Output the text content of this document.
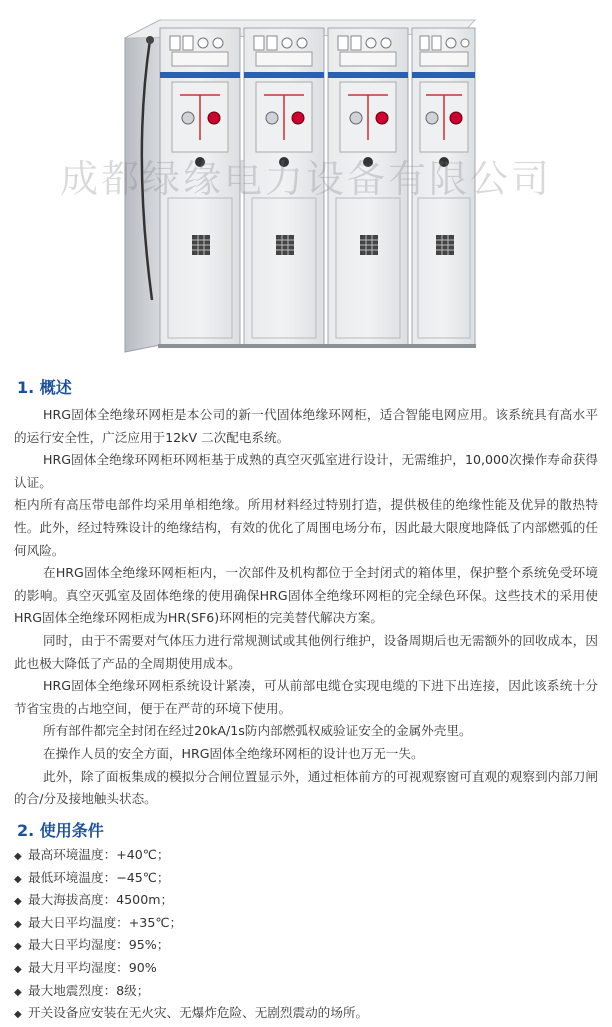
成都绿缘电力设备有限公司
1. 概述

HRG固体全绝缘环网柜是本公司的新一代固体绝缘环网柜，适合智能电网应用。该系统具有高水平的运行安全性，广泛应用于12kV 二次配电系统。

HRG固体全绝缘环网柜环网柜基于成熟的真空灭弧室进行设计，无需维护，10,000次操作寿命获得认证。

柜内所有高压带电部件均采用单相绝缘。所用材料经过特别打造，提供极佳的绝缘性能及优异的散热特性。此外，经过特殊设计的绝缘结构，有效的优化了周围电场分布，因此最大限度地降低了内部燃弧的任何风险。

在HRG固体全绝缘环网柜柜内，一次部件及机构都位于全封闭式的箱体里，保护整个系统免受环境的影响。真空灭弧室及固体绝缘的使用确保HRG固体全绝缘环网柜的完全绿色环保。这些技术的采用使HRG固体全绝缘环网柜成为HR(SF6)环网柜的完美替代解决方案。

同时，由于不需要对气体压力进行常规测试或其他例行维护，设备周期后也无需额外的回收成本，因此也极大降低了产品的全周期使用成本。

HRG固体全绝缘环网柜系统设计紧凑，可从前部电缆仓实现电缆的下进下出连接，因此该系统十分节省宝贵的占地空间，便于在严苛的环境下使用。

所有部件都完全封闭在经过20kA/1s防内部燃弧权威验证安全的金属外壳里。

在操作人员的安全方面，HRG固体全绝缘环网柜的设计也万无一失。

此外，除了面板集成的模拟分合闸位置显示外，通过柜体前方的可视观察窗可直观的观察到内部刀闸的合/分及接地触头状态。

2. 使用条件
◆ 最高环境温度：+40℃；
◆ 最低环境温度：−45℃；
◆ 最大海拔高度：4500m；
◆ 最大日平均温度：+35℃；
◆ 最大日平均湿度：95%；
◆ 最大月平均湿度：90%
◆ 最大地震烈度：8级；
◆ 开关设备应安装在无火灾、无爆炸危险、无剧烈震动的场所。
